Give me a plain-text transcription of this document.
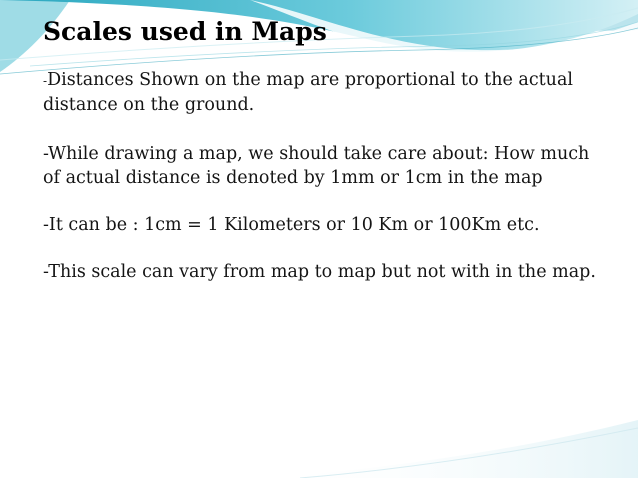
Scales used in Maps

-Distances Shown on the map are proportional to the actual distance on the ground.

-While drawing a map, we should take care about: How much of actual distance is denoted by 1mm or 1cm in the map

-It can be : 1cm = 1 Kilometers or 10 Km or 100Km etc.

-This scale can vary from map to map but not with in the map.
